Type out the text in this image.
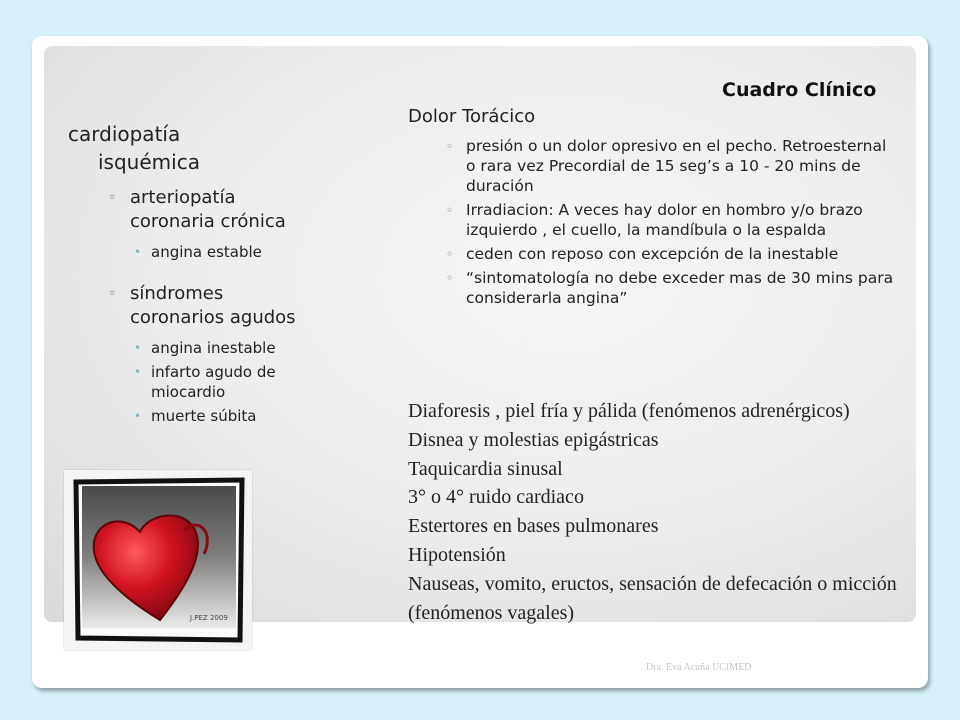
Cuadro Clínico
cardiopatía
isquémica
◦ arteriopatía coronaria crónica
• angina estable
◦ síndromes coronarios agudos
• angina inestable
• infarto agudo de miocardio
• muerte súbita
Dolor Torácico
◦ presión o un dolor opresivo en el pecho. Retroesternal o rara vez Precordial de 15 seg’s a 10 - 20 mins de duración
◦ Irradiacion: A veces hay dolor en hombro y/o brazo izquierdo , el cuello, la mandíbula o la espalda
◦ ceden con reposo con excepción de la inestable
◦ “sintomatología no debe exceder mas de 30 mins para considerarla angina”
Diaforesis , piel fría y pálida (fenómenos adrenérgicos)
Disnea y molestias epigástricas
Taquicardia sinusal
3° o 4° ruido cardiaco
Estertores en bases pulmonares
Hipotensión
Nauseas, vomito, eructos, sensación de defecación o micción (fenómenos vagales)
J.PEZ 2009
Dra. Eva Acuña UCIMED
